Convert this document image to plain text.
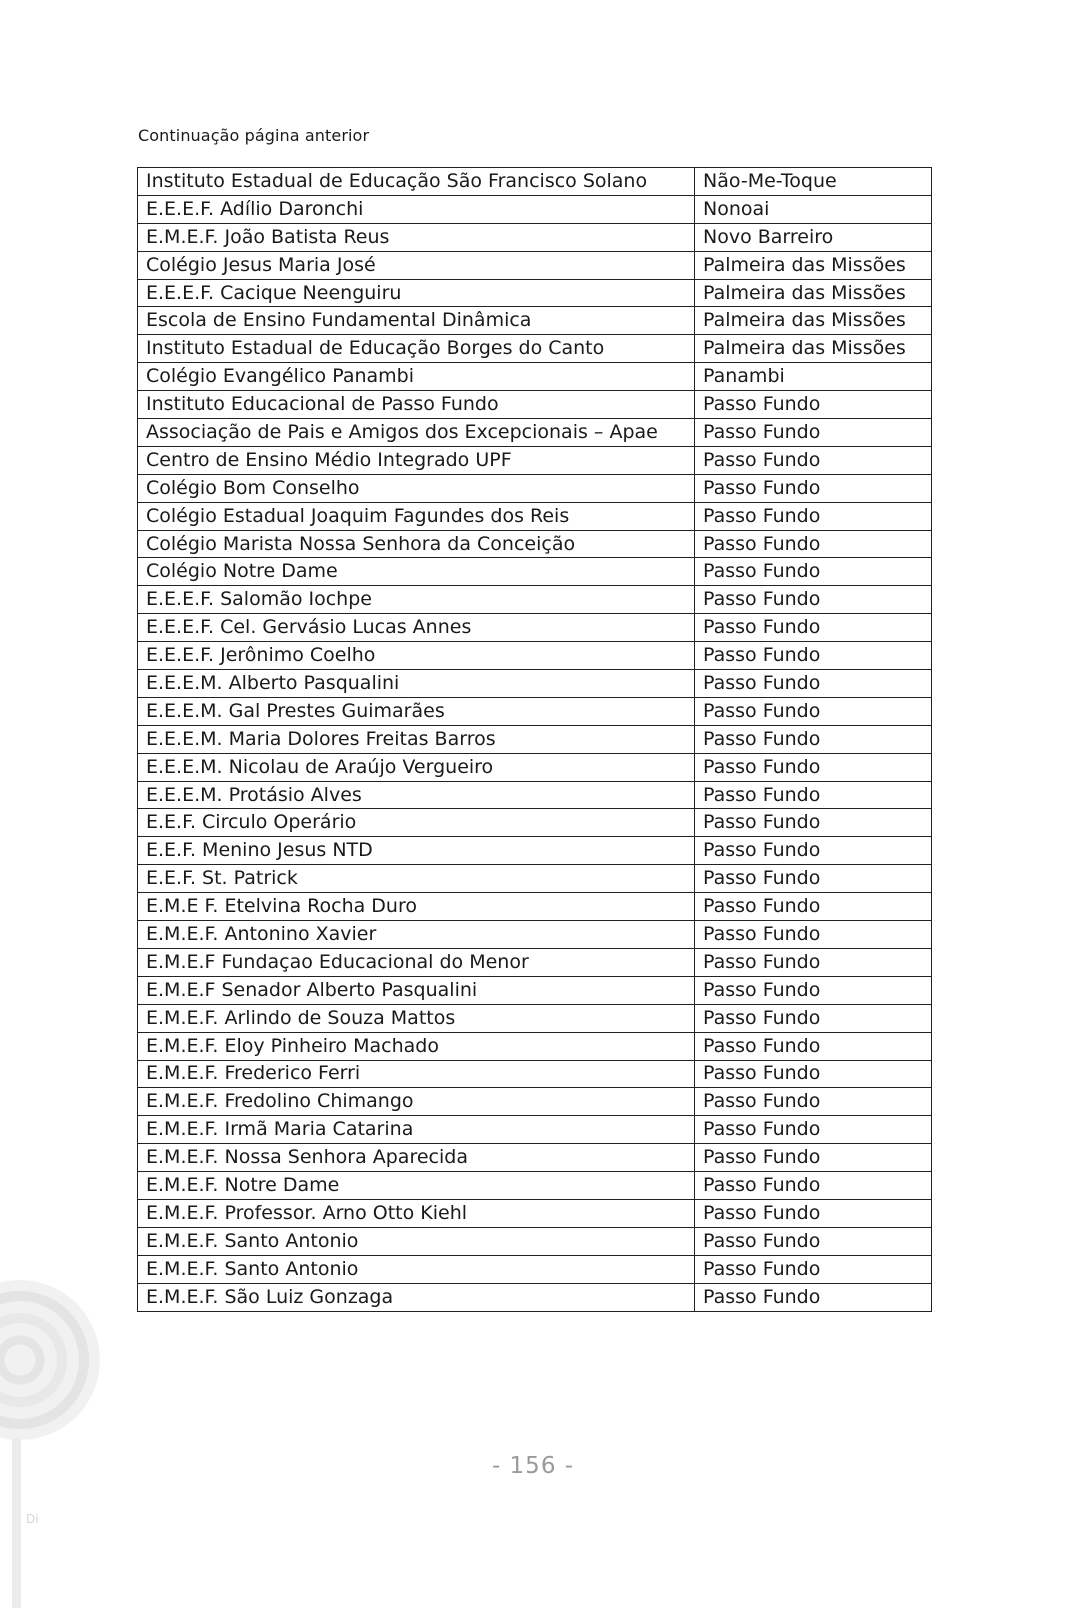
Continuação página anterior
Instituto Estadual de Educação São Francisco Solano	Não-Me-Toque
E.E.E.F. Adílio Daronchi	Nonoai
E.M.E.F. João Batista Reus	Novo Barreiro
Colégio Jesus Maria José	Palmeira das Missões
E.E.E.F. Cacique Neenguiru	Palmeira das Missões
Escola de Ensino Fundamental Dinâmica	Palmeira das Missões
Instituto Estadual de Educação Borges do Canto	Palmeira das Missões
Colégio Evangélico Panambi	Panambi
Instituto Educacional de Passo Fundo	Passo Fundo
Associação de Pais e Amigos dos Excepcionais – Apae	Passo Fundo
Centro de Ensino Médio Integrado UPF	Passo Fundo
Colégio Bom Conselho	Passo Fundo
Colégio Estadual Joaquim Fagundes dos Reis	Passo Fundo
Colégio Marista Nossa Senhora da Conceição	Passo Fundo
Colégio Notre Dame	Passo Fundo
E.E.E.F. Salomão Iochpe	Passo Fundo
E.E.E.F. Cel. Gervásio Lucas Annes	Passo Fundo
E.E.E.F. Jerônimo Coelho	Passo Fundo
E.E.E.M. Alberto Pasqualini	Passo Fundo
E.E.E.M. Gal Prestes Guimarães	Passo Fundo
E.E.E.M. Maria Dolores Freitas Barros	Passo Fundo
E.E.E.M. Nicolau de Araújo Vergueiro	Passo Fundo
E.E.E.M. Protásio Alves	Passo Fundo
E.E.F. Circulo Operário	Passo Fundo
E.E.F. Menino Jesus NTD	Passo Fundo
E.E.F. St. Patrick	Passo Fundo
E.M.E F. Etelvina Rocha Duro	Passo Fundo
E.M.E.F. Antonino Xavier	Passo Fundo
E.M.E.F Fundaçao Educacional do Menor	Passo Fundo
E.M.E.F Senador Alberto Pasqualini	Passo Fundo
E.M.E.F. Arlindo de Souza Mattos	Passo Fundo
E.M.E.F. Eloy Pinheiro Machado	Passo Fundo
E.M.E.F. Frederico Ferri	Passo Fundo
E.M.E.F. Fredolino Chimango	Passo Fundo
E.M.E.F. Irmã Maria Catarina	Passo Fundo
E.M.E.F. Nossa Senhora Aparecida	Passo Fundo
E.M.E.F. Notre Dame	Passo Fundo
E.M.E.F. Professor. Arno Otto Kiehl	Passo Fundo
E.M.E.F. Santo Antonio	Passo Fundo
E.M.E.F. Santo Antonio	Passo Fundo
E.M.E.F. São Luiz Gonzaga	Passo Fundo
- 156 -
Di
